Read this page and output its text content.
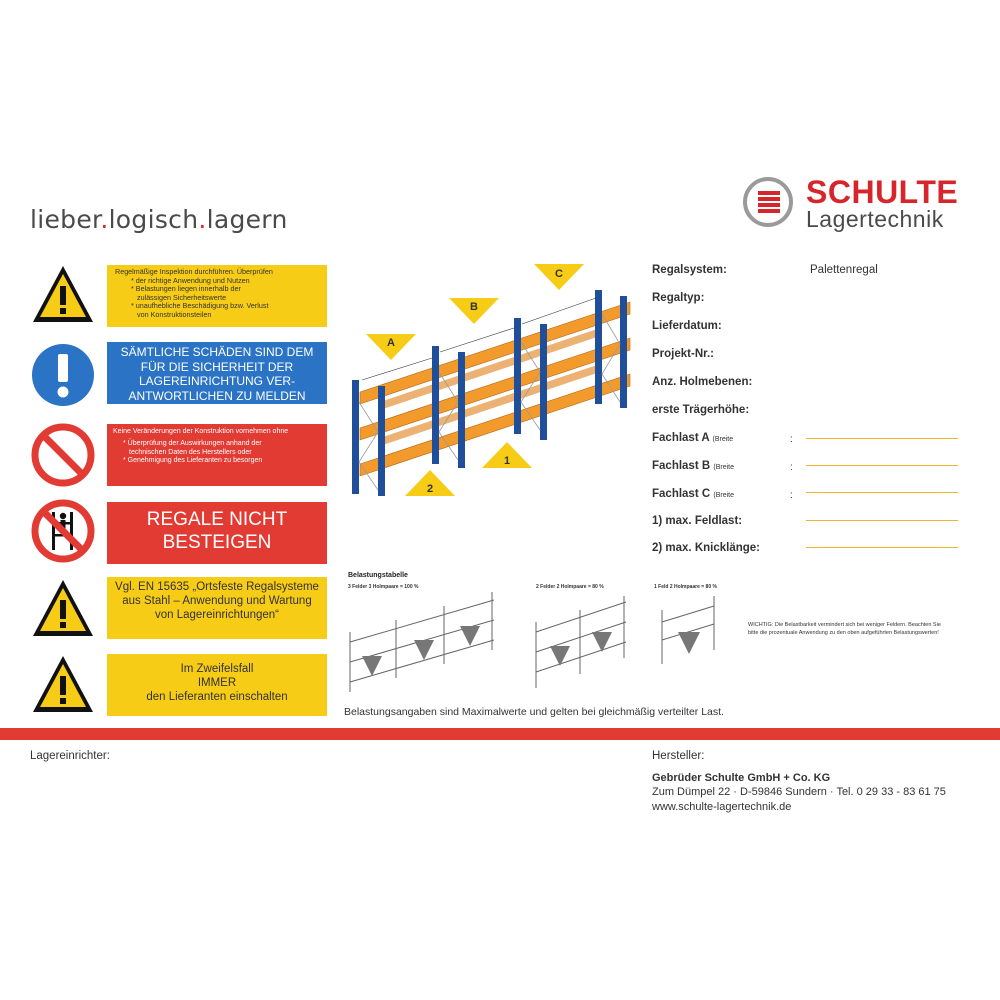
lieber.logisch.lagern
SCHULTE
Lagertechnik
Regelmäßige Inspektion durchführen. Überprüfen
* der richtige Anwendung und Nutzen
* Belastungen liegen innerhalb der
zulässigen Sicherheitswerte
* unaufhebliche Beschädigung bzw. Verlust
von Konstruktionsteilen
SÄMTLICHE SCHÄDEN SIND DEM FÜR DIE SICHERHEIT DER LAGEREINRICHTUNG VER-ANTWORTLICHEN ZU MELDEN
Keine Veränderungen der Konstruktion vornehmen ohne
* Überprüfung der Auswirkungen anhand der
technischen Daten des Herstellers oder
* Genehmigung des Lieferanten zu besorgen
REGALE NICHT BESTEIGEN
Vgl. EN 15635 „Ortsfeste Regalsysteme aus Stahl – Anwendung und Wartung von Lagereinrichtungen“
Im Zweifelsfall
IMMER
den Lieferanten einschalten
A
B
C
1
2
Belastungstabelle
3 Felder 3 Holmpaare = 100 %	2 Felder 2 Holmpaare = 80 %	1 Feld 2 Holmpaare = 80 %
WICHTIG: Die Belastbarkeit vermindert sich bei weniger Feldern. Beachten Sie bitte die prozentuale Anwendung zu den oben aufgeführten Belastungswerten!
Belastungsangaben sind Maximalwerte und gelten bei gleichmäßig verteilter Last.
Regalsystem:	Palettenregal
Regaltyp:
Lieferdatum:
Projekt-Nr.:
Anz. Holmebenen:
erste Trägerhöhe:
Fachlast A (Breite	:
Fachlast B (Breite	:
Fachlast C (Breite	:
1) max. Feldlast:
2) max. Knicklänge:
Lagereinrichter:	Hersteller:
Gebrüder Schulte GmbH + Co. KG
Zum Dümpel 22 · D-59846 Sundern · Tel. 0 29 33 - 83 61 75
www.schulte-lagertechnik.de
